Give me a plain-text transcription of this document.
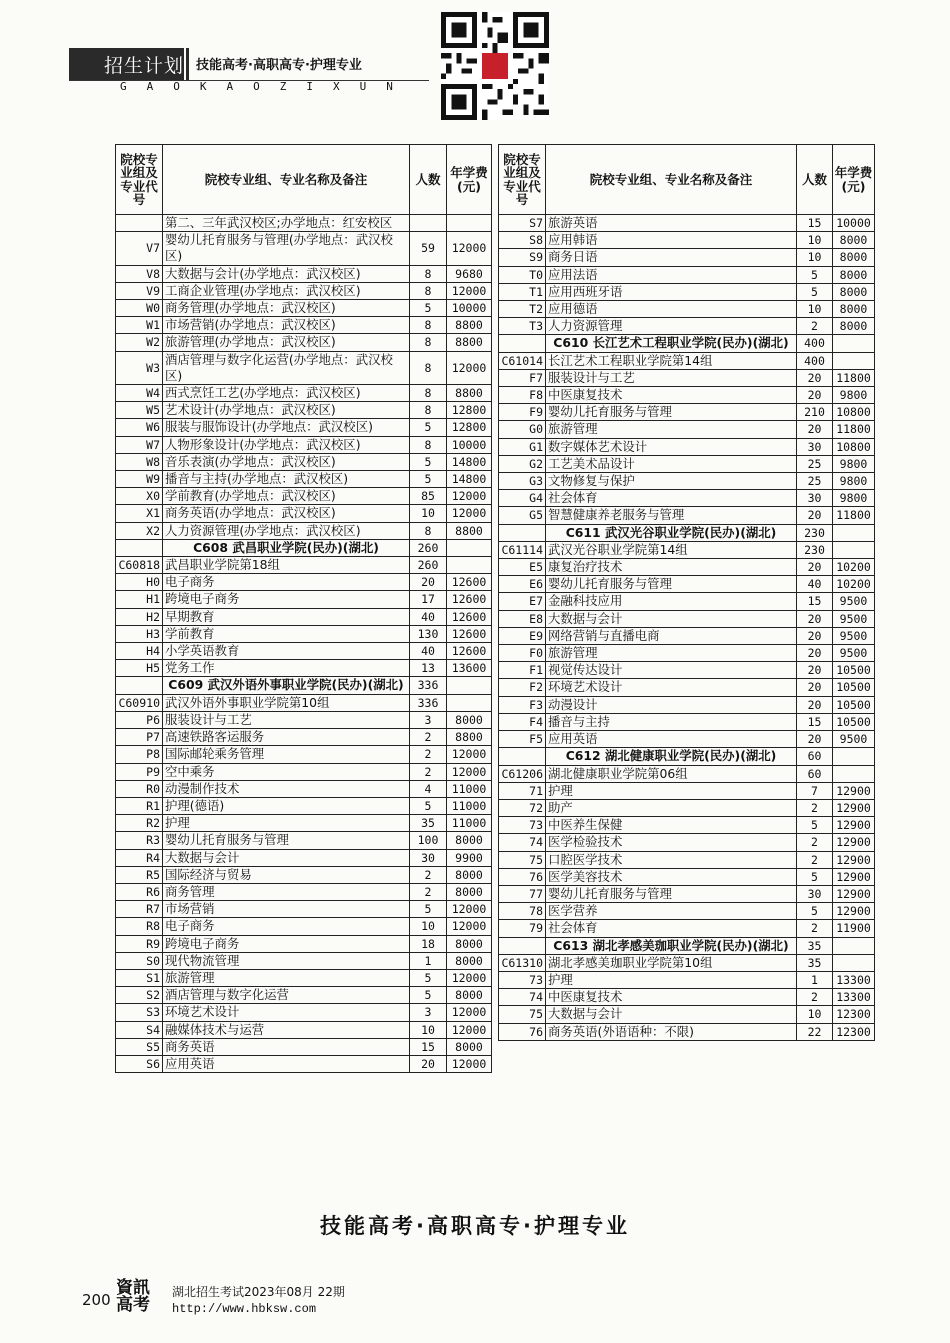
招生计划 技能高考·高职高专·护理专业
GAOKAOZIXUN
院校专业组及专业代号	院校专业组、专业名称及备注	人数	年学费(元)
	第二、三年武汉校区;办学地点：红安校区		
V7	婴幼儿托育服务与管理(办学地点：武汉校区)	59	12000
V8	大数据与会计(办学地点：武汉校区)	8	9680
V9	工商企业管理(办学地点：武汉校区)	8	12000
W0	商务管理(办学地点：武汉校区)	5	10000
W1	市场营销(办学地点：武汉校区)	8	8800
W2	旅游管理(办学地点：武汉校区)	8	8800
W3	酒店管理与数字化运营(办学地点：武汉校区)	8	12000
W4	西式烹饪工艺(办学地点：武汉校区)	8	8800
W5	艺术设计(办学地点：武汉校区)	8	12800
W6	服装与服饰设计(办学地点：武汉校区)	5	12800
W7	人物形象设计(办学地点：武汉校区)	8	10000
W8	音乐表演(办学地点：武汉校区)	5	14800
W9	播音与主持(办学地点：武汉校区)	5	14800
X0	学前教育(办学地点：武汉校区)	85	12000
X1	商务英语(办学地点：武汉校区)	10	12000
X2	人力资源管理(办学地点：武汉校区)	8	8800
	C608 武昌职业学院(民办)(湖北)	260	
C60818	武昌职业学院第18组	260	
H0	电子商务	20	12600
H1	跨境电子商务	17	12600
H2	早期教育	40	12600
H3	学前教育	130	12600
H4	小学英语教育	40	12600
H5	党务工作	13	13600
	C609 武汉外语外事职业学院(民办)(湖北)	336	
C60910	武汉外语外事职业学院第10组	336	
P6	服装设计与工艺	3	8000
P7	高速铁路客运服务	2	8800
P8	国际邮轮乘务管理	2	12000
P9	空中乘务	2	12000
R0	动漫制作技术	4	11000
R1	护理(德语)	5	11000
R2	护理	35	11000
R3	婴幼儿托育服务与管理	100	8000
R4	大数据与会计	30	9900
R5	国际经济与贸易	2	8000
R6	商务管理	2	8000
R7	市场营销	5	12000
R8	电子商务	10	12000
R9	跨境电子商务	18	8000
S0	现代物流管理	1	8000
S1	旅游管理	5	12000
S2	酒店管理与数字化运营	5	8000
S3	环境艺术设计	3	12000
S4	融媒体技术与运营	10	12000
S5	商务英语	15	8000
S6	应用英语	20	12000
院校专业组及专业代号	院校专业组、专业名称及备注	人数	年学费(元)
S7	旅游英语	15	10000
S8	应用韩语	10	8000
S9	商务日语	10	8000
T0	应用法语	5	8000
T1	应用西班牙语	5	8000
T2	应用德语	10	8000
T3	人力资源管理	2	8000
	C610 长江艺术工程职业学院(民办)(湖北)	400	
C61014	长江艺术工程职业学院第14组	400	
F7	服装设计与工艺	20	11800
F8	中医康复技术	20	9800
F9	婴幼儿托育服务与管理	210	10800
G0	旅游管理	20	11800
G1	数字媒体艺术设计	30	10800
G2	工艺美术品设计	25	9800
G3	文物修复与保护	25	9800
G4	社会体育	30	9800
G5	智慧健康养老服务与管理	20	11800
	C611 武汉光谷职业学院(民办)(湖北)	230	
C61114	武汉光谷职业学院第14组	230	
E5	康复治疗技术	20	10200
E6	婴幼儿托育服务与管理	40	10200
E7	金融科技应用	15	9500
E8	大数据与会计	20	9500
E9	网络营销与直播电商	20	9500
F0	旅游管理	20	9500
F1	视觉传达设计	20	10500
F2	环境艺术设计	20	10500
F3	动漫设计	20	10500
F4	播音与主持	15	10500
F5	应用英语	20	9500
	C612 湖北健康职业学院(民办)(湖北)	60	
C61206	湖北健康职业学院第06组	60	
71	护理	7	12900
72	助产	2	12900
73	中医养生保健	5	12900
74	医学检验技术	2	12900
75	口腔医学技术	2	12900
76	医学美容技术	5	12900
77	婴幼儿托育服务与管理	30	12900
78	医学营养	5	12900
79	社会体育	2	11900
	C613 湖北孝感美珈职业学院(民办)(湖北)	35	
C61310	湖北孝感美珈职业学院第10组	35	
73	护理	1	13300
74	中医康复技术	2	13300
75	大数据与会计	10	12300
76	商务英语(外语语种：不限)	22	12300
技能高考·高职高专·护理专业
200
資訊高考
湖北招生考试2023年08月 22期
http://www.hbksw.com
